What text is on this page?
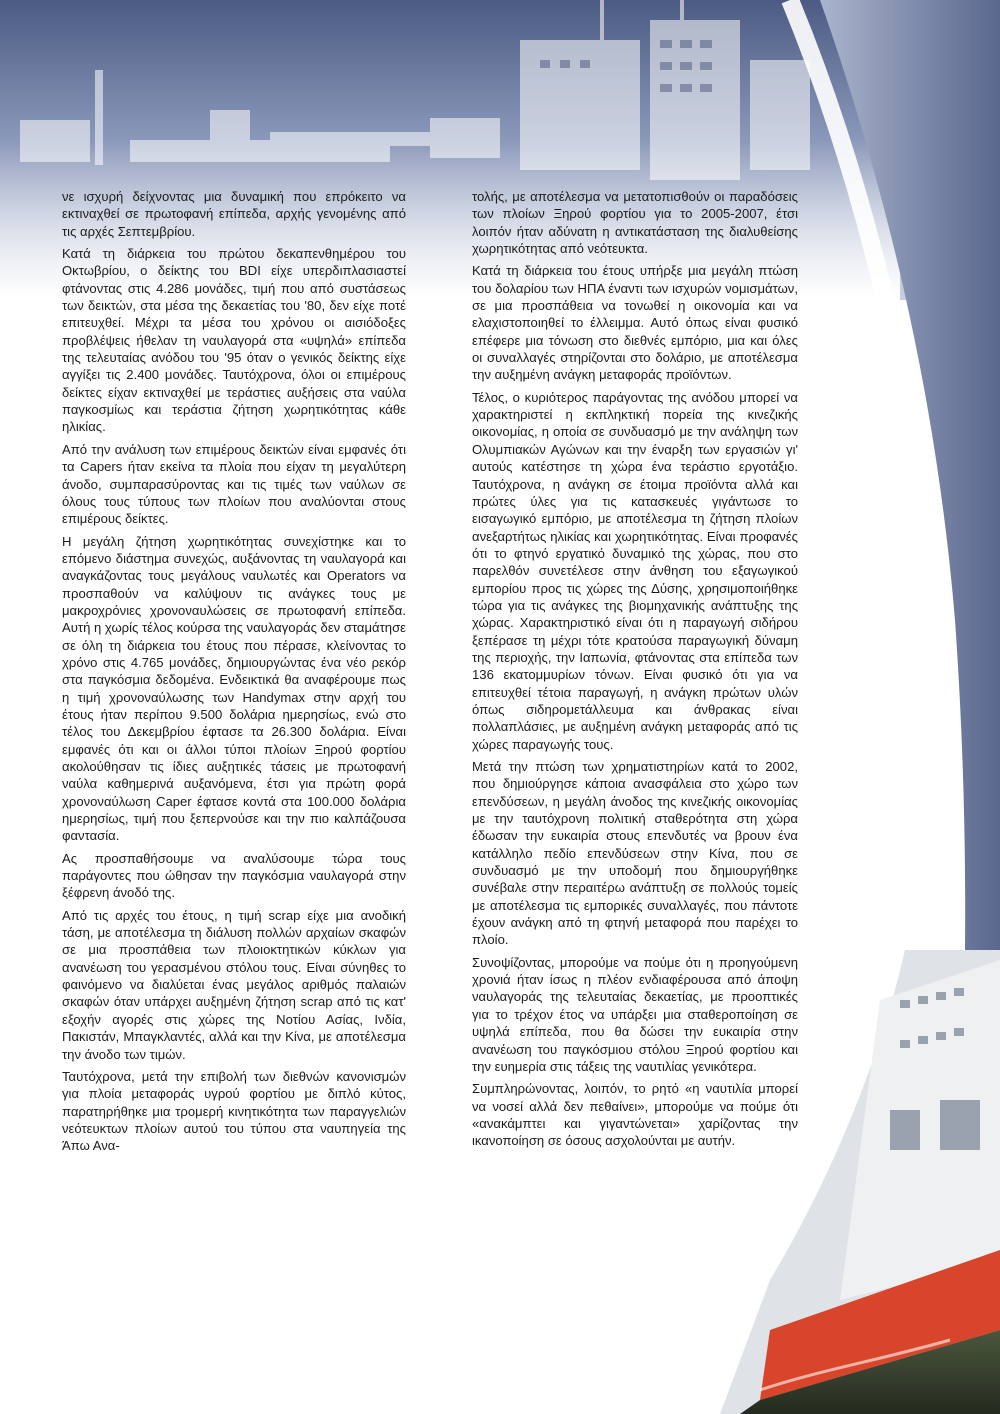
νε ισχυρή δείχνοντας μια δυναμική που επρόκειτο να εκτιναχθεί σε πρωτοφανή επίπεδα, αρχής γενομένης από τις αρχές Σεπτεμβρίου.

Κατά τη διάρκεια του πρώτου δεκαπενθημέρου του Οκτωβρίου, ο δείκτης του BDI είχε υπερδιπλασιαστεί φτάνοντας στις 4.286 μονάδες, τιμή που από συστάσεως των δεικτών, στα μέσα της δεκαετίας του '80, δεν είχε ποτέ επιτευχθεί. Μέχρι τα μέσα του χρόνου οι αισιόδοξες προβλέψεις ήθελαν τη ναυλαγορά στα «υψηλά» επίπεδα της τελευταίας ανόδου του '95 όταν ο γενικός δείκτης είχε αγγίξει τις 2.400 μονάδες. Ταυτόχρονα, όλοι οι επιμέρους δείκτες είχαν εκτιναχθεί με τεράστιες αυξήσεις στα ναύλα παγκοσμίως και τεράστια ζήτηση χωρητικότητας κάθε ηλικίας.

Από την ανάλυση των επιμέρους δεικτών είναι εμφανές ότι τα Capers ήταν εκείνα τα πλοία που είχαν τη μεγαλύτερη άνοδο, συμπαρασύροντας και τις τιμές των ναύλων σε όλους τους τύπους των πλοίων που αναλύονται στους επιμέρους δείκτες.

Η μεγάλη ζήτηση χωρητικότητας συνεχίστηκε και το επόμενο διάστημα συνεχώς, αυξάνοντας τη ναυλαγορά και αναγκάζοντας τους μεγάλους ναυλωτές και Operators να προσπαθούν να καλύψουν τις ανάγκες τους με μακροχρόνιες χρονοναυλώσεις σε πρωτοφανή επίπεδα. Αυτή η χωρίς τέλος κούρσα της ναυλαγοράς δεν σταμάτησε σε όλη τη διάρκεια του έτους που πέρασε, κλείνοντας το χρόνο στις 4.765 μονάδες, δημιουργώντας ένα νέο ρεκόρ στα παγκόσμια δεδομένα. Ενδεικτικά θα αναφέρουμε πως η τιμή χρονοναύλωσης των Handymax στην αρχή του έτους ήταν περίπου 9.500 δολάρια ημερησίως, ενώ στο τέλος του Δεκεμβρίου έφτασε τα 26.300 δολάρια. Είναι εμφανές ότι και οι άλλοι τύποι πλοίων Ξηρού φορτίου ακολούθησαν τις ίδιες αυξητικές τάσεις με πρωτοφανή ναύλα καθημερινά αυξανόμενα, έτσι για πρώτη φορά χρονοναύλωση Caper έφτασε κοντά στα 100.000 δολάρια ημερησίως, τιμή που ξεπερνούσε και την πιο καλπάζουσα φαντασία.

Ας προσπαθήσουμε να αναλύσουμε τώρα τους παράγοντες που ώθησαν την παγκόσμια ναυλαγορά στην ξέφρενη άνοδό της.

Από τις αρχές του έτους, η τιμή scrap είχε μια ανοδική τάση, με αποτέλεσμα τη διάλυση πολλών αρχαίων σκαφών σε μια προσπάθεια των πλοιοκτητικών κύκλων για ανανέωση του γερασμένου στόλου τους. Είναι σύνηθες το φαινόμενο να διαλύεται ένας μεγάλος αριθμός παλαιών σκαφών όταν υπάρχει αυξημένη ζήτηση scrap από τις κατ' εξοχήν αγορές στις χώρες της Νοτίου Ασίας, Ινδία, Πακιστάν, Μπαγκλαντές, αλλά και την Κίνα, με αποτέλεσμα την άνοδο των τιμών.

Ταυτόχρονα, μετά την επιβολή των διεθνών κανονισμών για πλοία μεταφοράς υγρού φορτίου με διπλό κύτος, παρατηρήθηκε μια τρομερή κινητικότητα των παραγγελιών νεότευκτων πλοίων αυτού του τύπου στα ναυπηγεία της Άπω Ανα-

τολής, με αποτέλεσμα να μετατοπισθούν οι παραδόσεις των πλοίων Ξηρού φορτίου για το 2005-2007, έτσι λοιπόν ήταν αδύνατη η αντικατάσταση της διαλυθείσης χωρητικότητας από νεότευκτα.

Κατά τη διάρκεια του έτους υπήρξε μια μεγάλη πτώση του δολαρίου των ΗΠΑ έναντι των ισχυρών νομισμάτων, σε μια προσπάθεια να τονωθεί η οικονομία και να ελαχιστοποιηθεί το έλλειμμα. Αυτό όπως είναι φυσικό επέφερε μια τόνωση στο διεθνές εμπόριο, μια και όλες οι συναλλαγές στηρίζονται στο δολάριο, με αποτέλεσμα την αυξημένη ανάγκη μεταφοράς προϊόντων.

Τέλος, ο κυριότερος παράγοντας της ανόδου μπορεί να χαρακτηριστεί η εκπληκτική πορεία της κινεζικής οικονομίας, η οποία σε συνδυασμό με την ανάληψη των Ολυμπιακών Αγώνων και την έναρξη των εργασιών γι' αυτούς κατέστησε τη χώρα ένα τεράστιο εργοτάξιο. Ταυτόχρονα, η ανάγκη σε έτοιμα προϊόντα αλλά και πρώτες ύλες για τις κατασκευές γιγάντωσε το εισαγωγικό εμπόριο, με αποτέλεσμα τη ζήτηση πλοίων ανεξαρτήτως ηλικίας και χωρητικότητας. Είναι προφανές ότι το φτηνό εργατικό δυναμικό της χώρας, που στο παρελθόν συνετέλεσε στην άνθηση του εξαγωγικού εμπορίου προς τις χώρες της Δύσης, χρησιμοποιήθηκε τώρα για τις ανάγκες της βιομηχανικής ανάπτυξης της χώρας. Χαρακτηριστικό είναι ότι η παραγωγή σιδήρου ξεπέρασε τη μέχρι τότε κρατούσα παραγωγική δύναμη της περιοχής, την Ιαπωνία, φτάνοντας στα επίπεδα των 136 εκατομμυρίων τόνων. Είναι φυσικό ότι για να επιτευχθεί τέτοια παραγωγή, η ανάγκη πρώτων υλών όπως σιδηρομετάλλευμα και άνθρακας είναι πολλαπλάσιες, με αυξημένη ανάγκη μεταφοράς από τις χώρες παραγωγής τους.

Μετά την πτώση των χρηματιστηρίων κατά το 2002, που δημιούργησε κάποια ανασφάλεια στο χώρο των επενδύσεων, η μεγάλη άνοδος της κινεζικής οικονομίας με την ταυτόχρονη πολιτική σταθερότητα στη χώρα έδωσαν την ευκαιρία στους επενδυτές να βρουν ένα κατάλληλο πεδίο επενδύσεων στην Κίνα, που σε συνδυασμό με την υποδομή που δημιουργήθηκε συνέβαλε στην περαιτέρω ανάπτυξη σε πολλούς τομείς με αποτέλεσμα τις εμπορικές συναλλαγές, που πάντοτε έχουν ανάγκη από τη φτηνή μεταφορά που παρέχει το πλοίο.

Συνοψίζοντας, μπορούμε να πούμε ότι η προηγούμενη χρονιά ήταν ίσως η πλέον ενδιαφέρουσα από άποψη ναυλαγοράς της τελευταίας δεκαετίας, με προοπτικές για το τρέχον έτος να υπάρξει μια σταθεροποίηση σε υψηλά επίπεδα, που θα δώσει την ευκαιρία στην ανανέωση του παγκόσμιου στόλου Ξηρού φορτίου και την ευημερία στις τάξεις της ναυτιλίας γενικότερα.

Συμπληρώνοντας, λοιπόν, το ρητό «η ναυτιλία μπορεί να νοσεί αλλά δεν πεθαίνει», μπορούμε να πούμε ότι «ανακάμπτει και γιγαντώνεται» χαρίζοντας την ικανοποίηση σε όσους ασχολούνται με αυτήν.
